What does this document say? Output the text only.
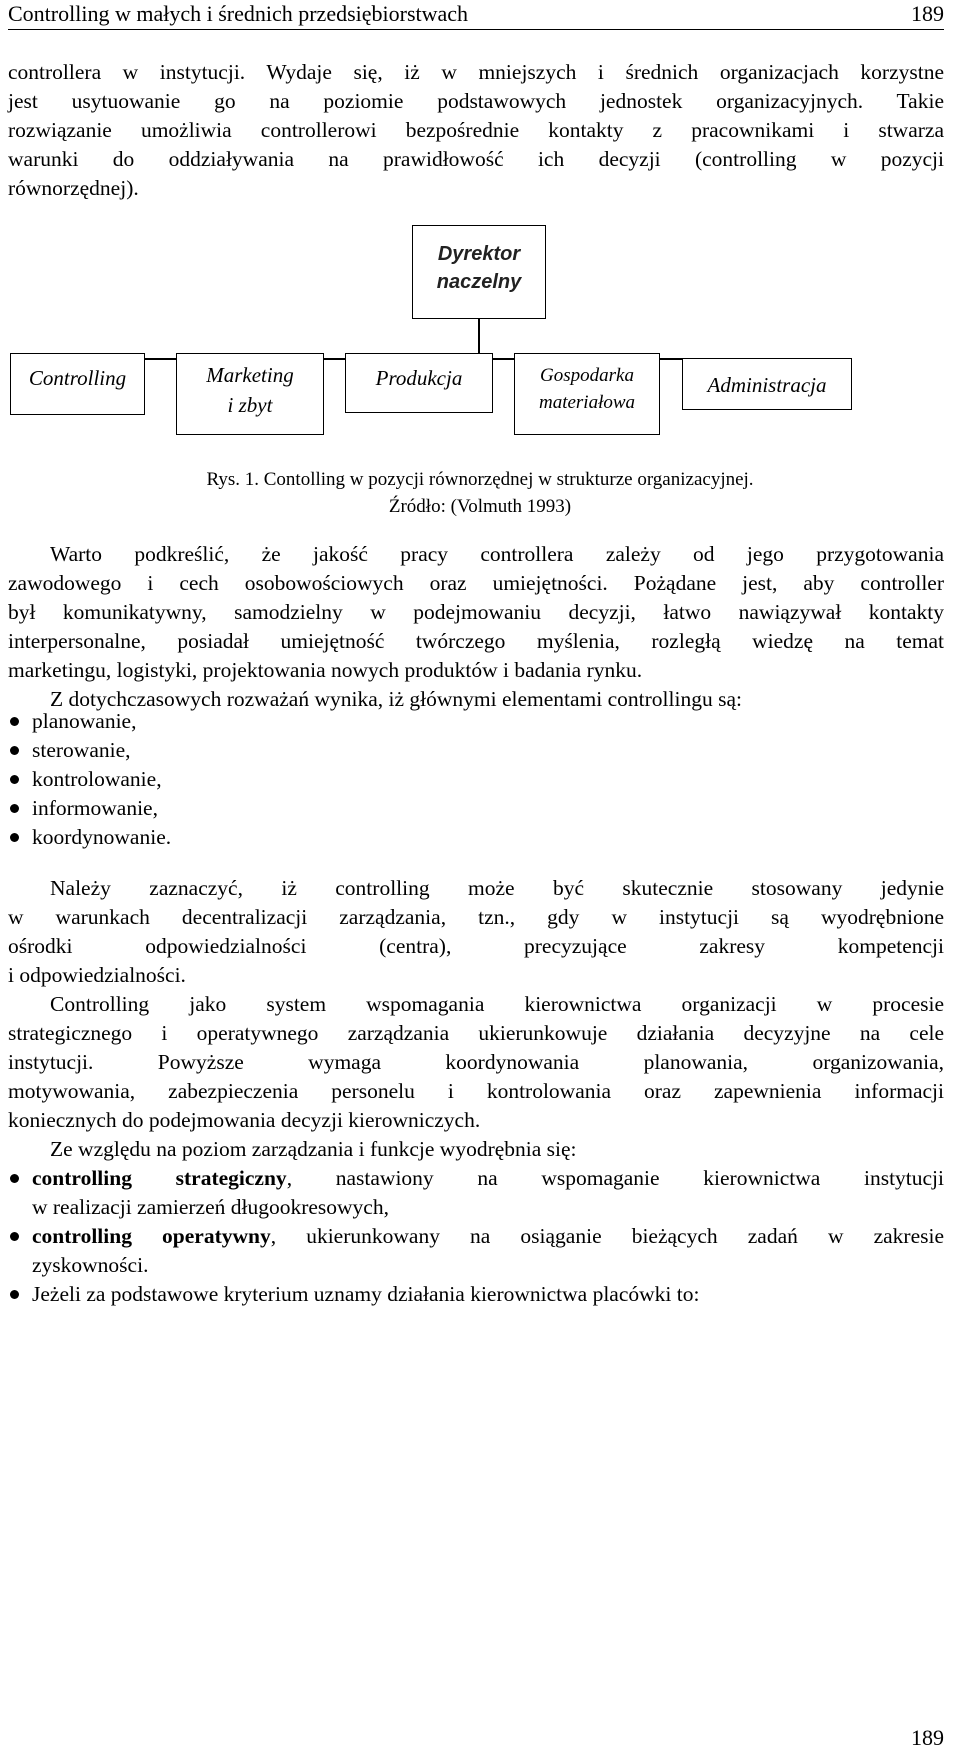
Controlling w małych i średnich przedsiębiorstwach	189
controllera w instytucji. Wydaje się, iż w mniejszych i średnich organizacjach korzystne
jest usytuowanie go na poziomie podstawowych jednostek organizacyjnych. Takie
rozwiązanie umożliwia controllerowi bezpośrednie kontakty z pracownikami i stwarza
warunki do oddziaływania na prawidłowość ich decyzji (controlling w pozycji
równorzędnej).
Dyrektor
naczelny
Controlling	Marketing
i zbyt
Produkcja	Gospodarka
materiałowa
Administracja
Rys. 1. Contolling w pozycji równorzędnej w strukturze organizacyjnej.
Źródło: (Volmuth 1993)
Warto podkreślić, że jakość pracy controllera zależy od jego przygotowania
zawodowego i cech osobowościowych oraz umiejętności. Pożądane jest, aby controller
był komunikatywny, samodzielny w podejmowaniu decyzji, łatwo nawiązywał kontakty
interpersonalne, posiadał umiejętność twórczego myślenia, rozległą wiedzę na temat
marketingu, logistyki, projektowania nowych produktów i badania rynku.
Z dotychczasowych rozważań wynika, iż głównymi elementami controllingu są:
planowanie,
sterowanie,
kontrolowanie,
informowanie,
koordynowanie.
Należy zaznaczyć, iż controlling może być skutecznie stosowany jedynie
w warunkach decentralizacji zarządzania, tzn., gdy w instytucji są wyodrębnione
ośrodki odpowiedzialności (centra), precyzujące zakresy kompetencji
i odpowiedzialności.
Controlling jako system wspomagania kierownictwa organizacji w procesie
strategicznego i operatywnego zarządzania ukierunkowuje działania decyzyjne na cele
instytucji. Powyższe wymaga koordynowania planowania, organizowania,
motywowania, zabezpieczenia personelu i kontrolowania oraz zapewnienia informacji
koniecznych do podejmowania decyzji kierowniczych.
Ze względu na poziom zarządzania i funkcje wyodrębnia się:
controlling strategiczny, nastawiony na wspomaganie kierownictwa instytucji
w realizacji zamierzeń długookresowych,
controlling operatywny, ukierunkowany na osiąganie bieżących zadań w zakresie
zyskowności.
Jeżeli za podstawowe kryterium uznamy działania kierownictwa placówki to:
189
